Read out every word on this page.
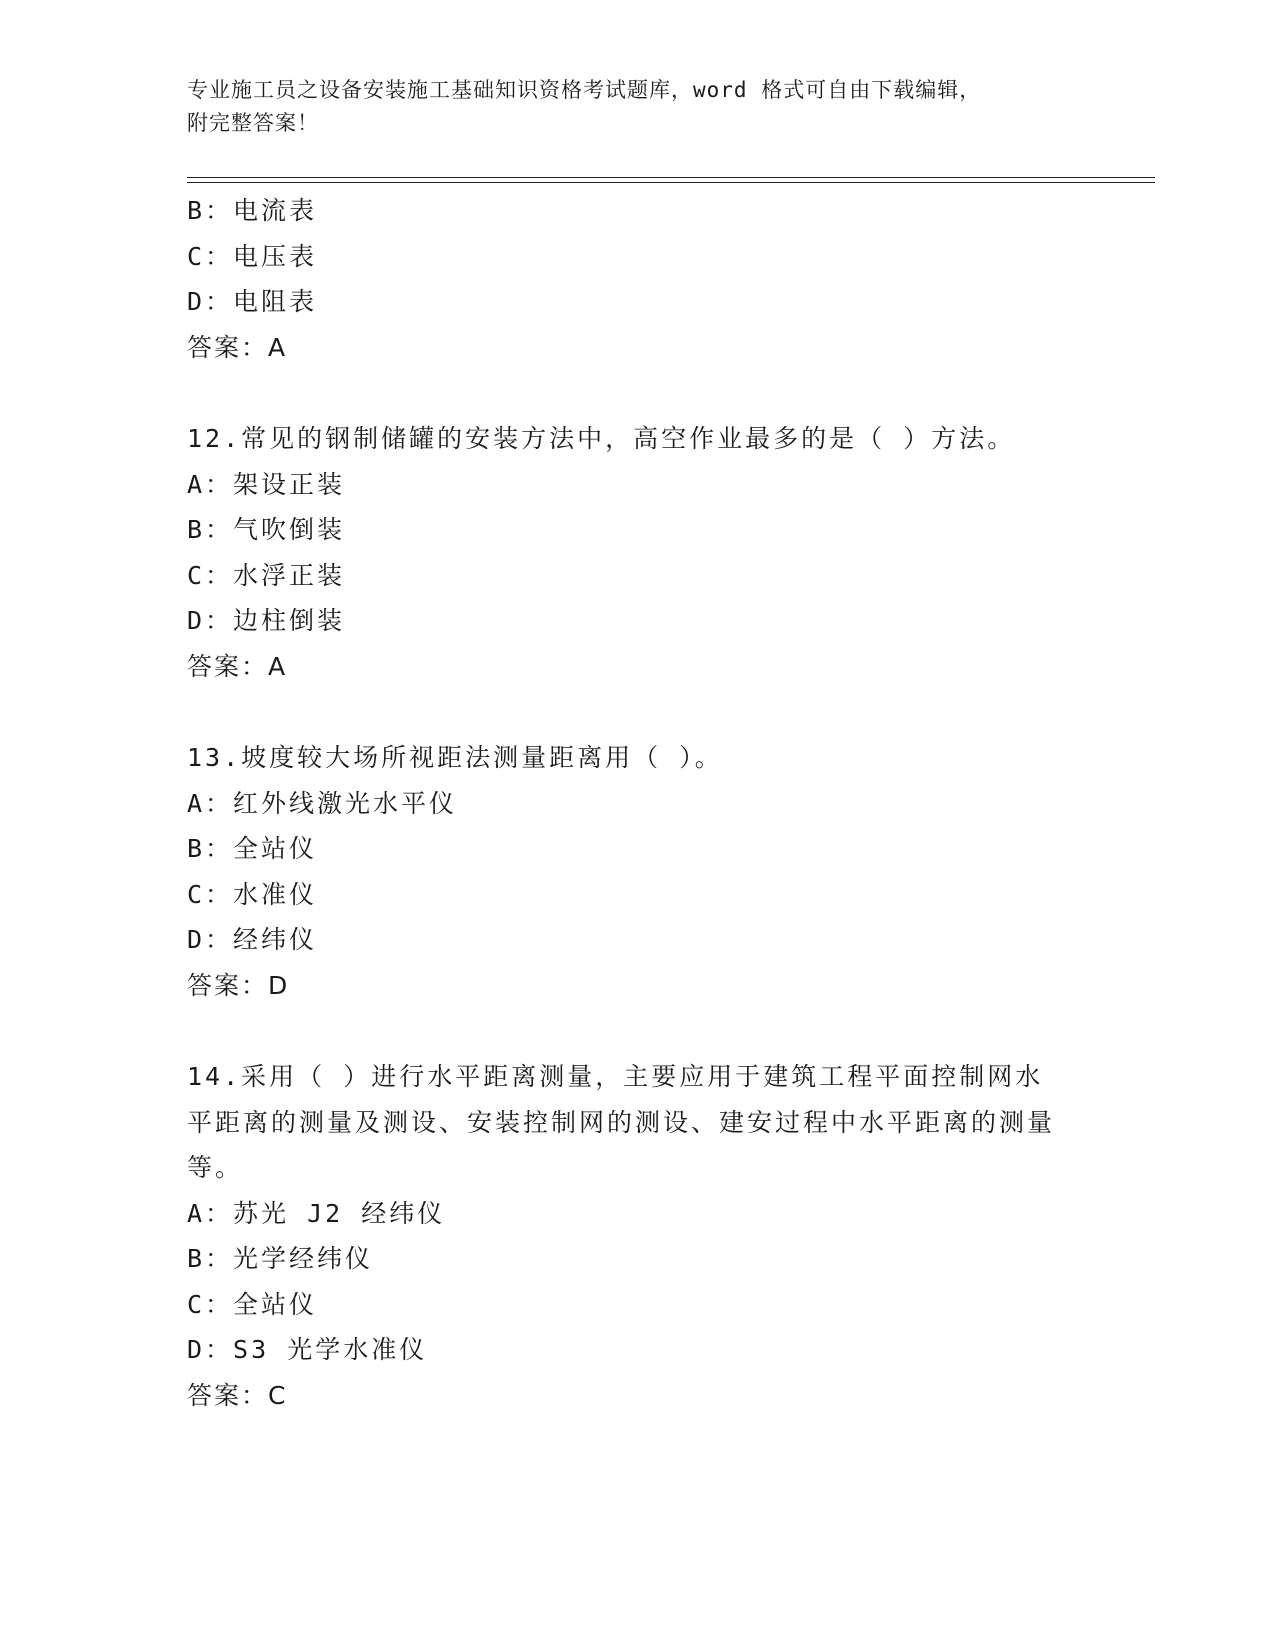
专业施工员之设备安装施工基础知识资格考试题库，word 格式可自由下载编辑，
附完整答案！
B：电流表
C：电压表
D：电阻表
答案：A
12.常见的钢制储罐的安装方法中，高空作业最多的是（ ）方法。
A：架设正装
B：气吹倒装
C：水浮正装
D：边柱倒装
答案：A
13.坡度较大场所视距法测量距离用（ ）。
A：红外线激光水平仪
B：全站仪
C：水准仪
D：经纬仪
答案：D
14.采用（ ）进行水平距离测量，主要应用于建筑工程平面控制网水平距离的测量及测设、安装控制网的测设、建安过程中水平距离的测量等。
A：苏光 J2 经纬仪
B：光学经纬仪
C：全站仪
D：S3 光学水准仪
答案：C
